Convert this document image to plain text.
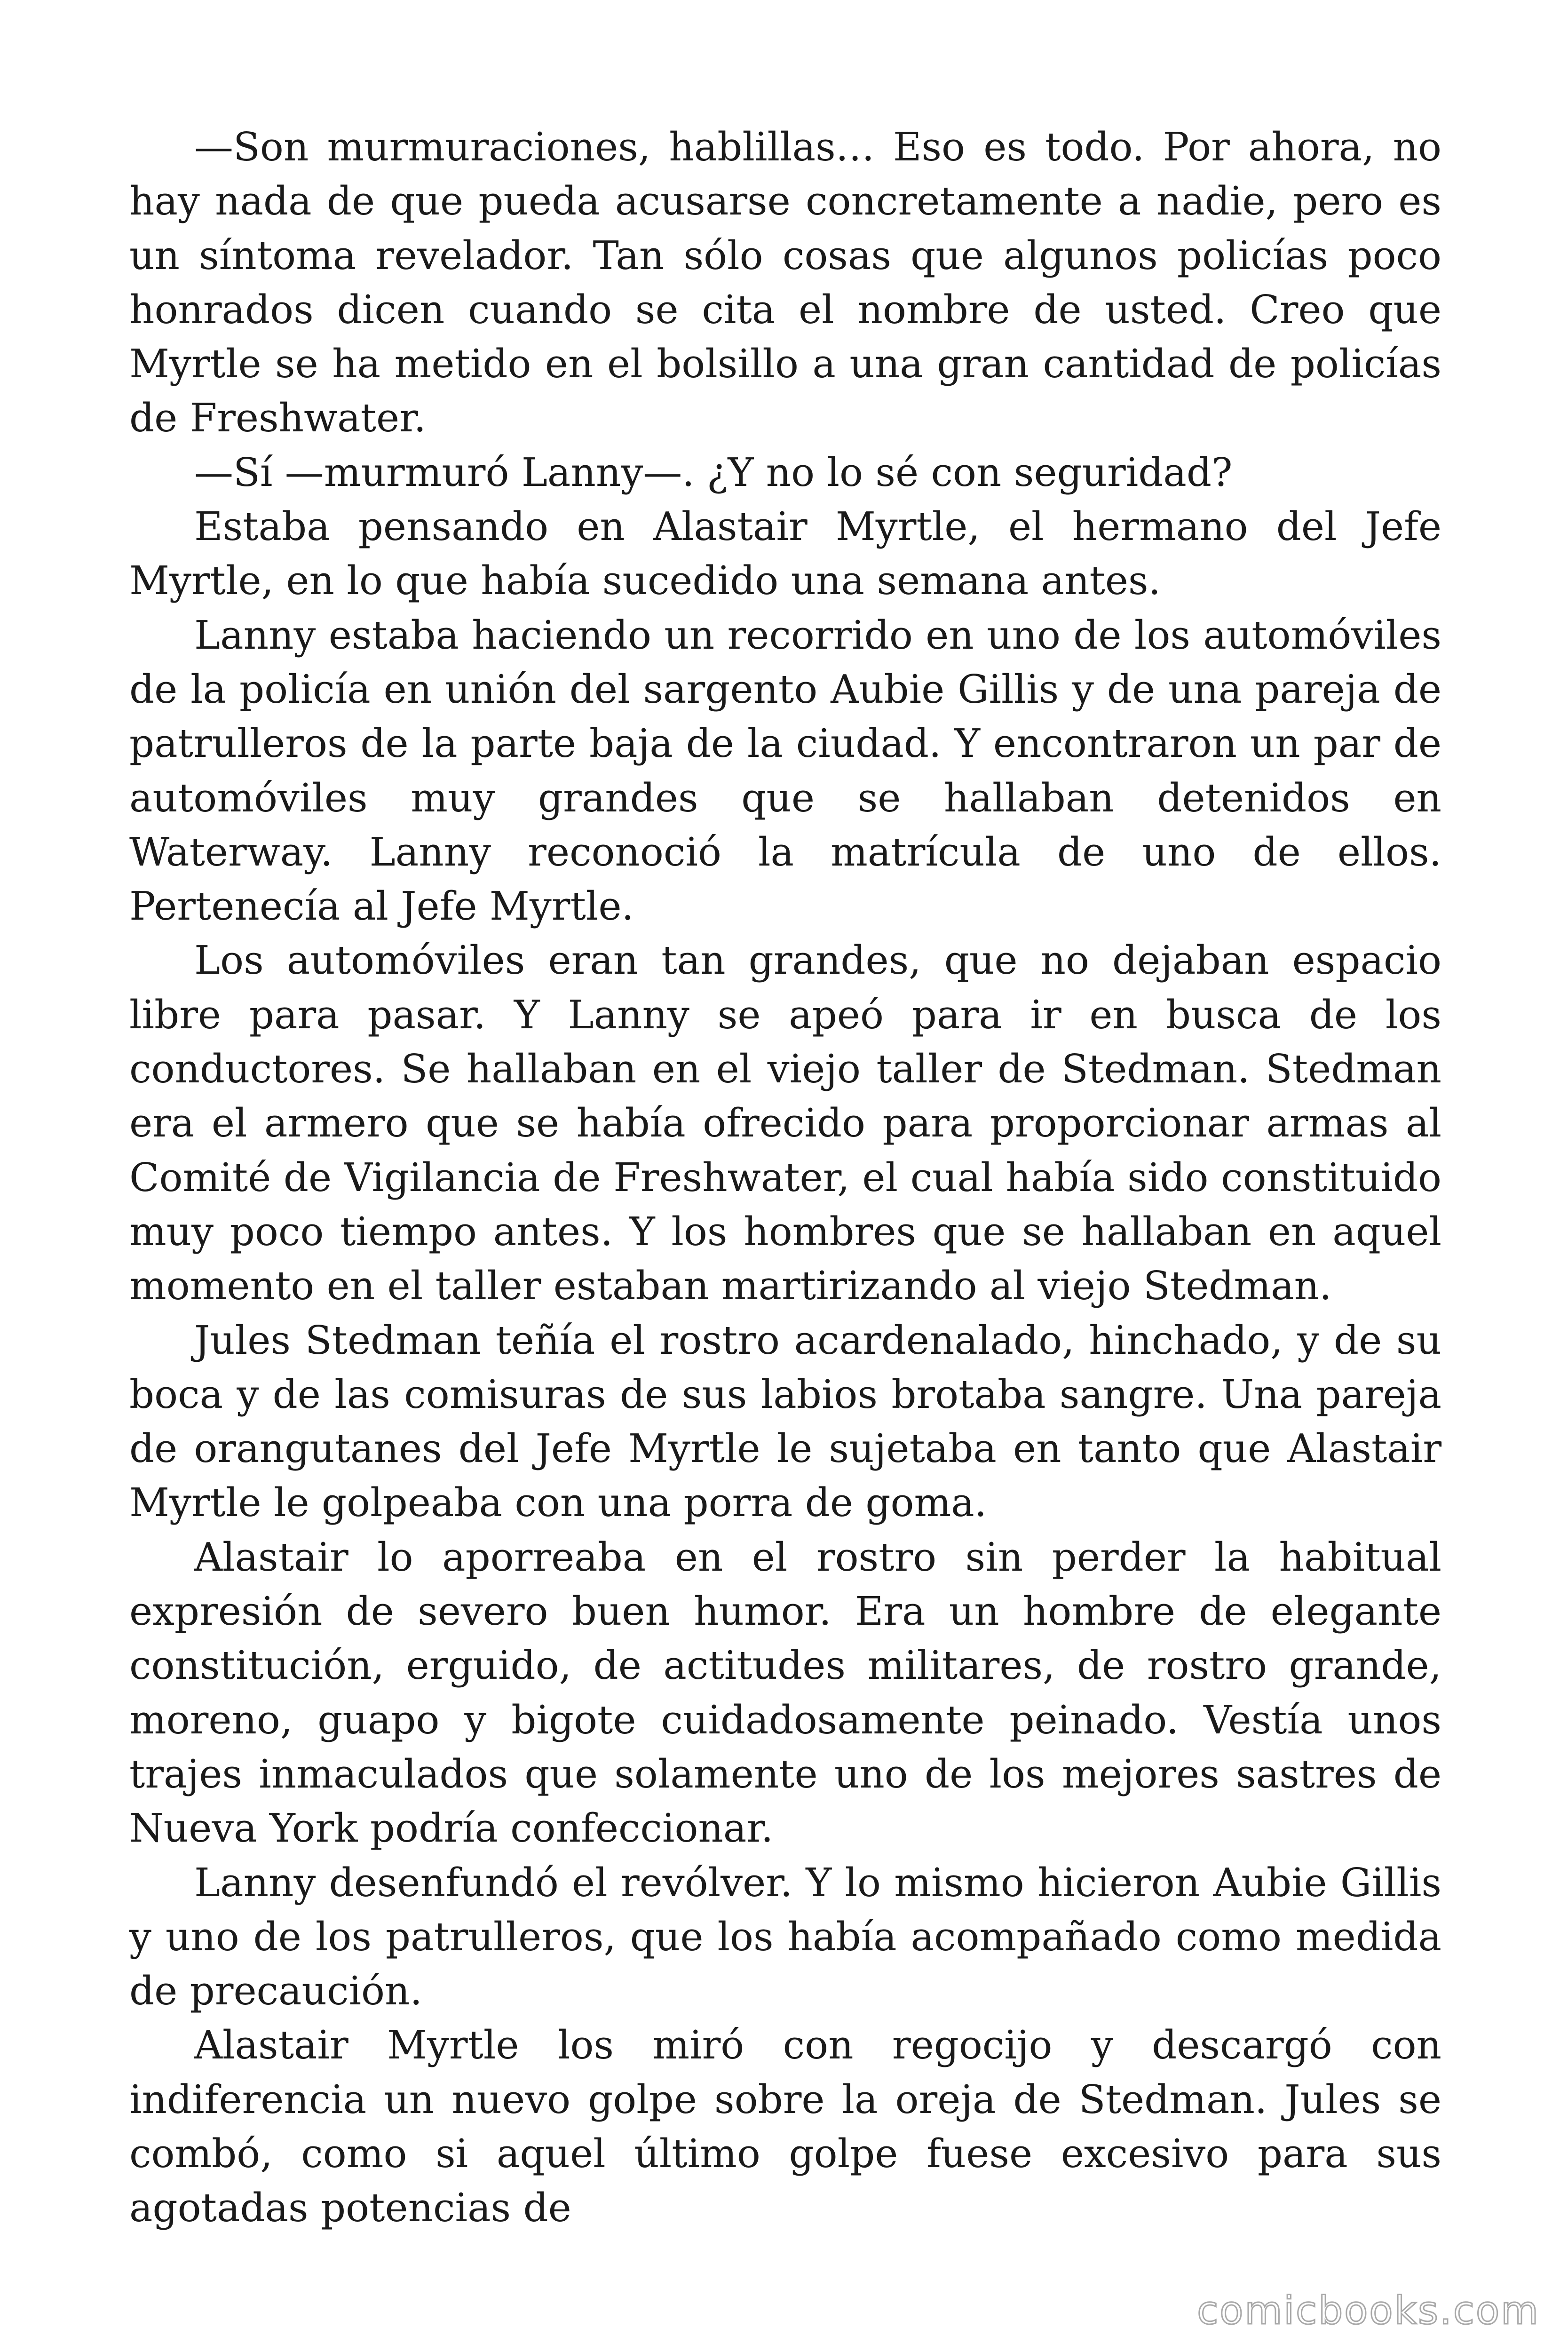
—Son murmuraciones, hablillas… Eso es todo. Por ahora, no hay nada de que pueda acusarse concretamente a nadie, pero es un síntoma revelador. Tan sólo cosas que algunos policías poco honrados dicen cuando se cita el nombre de usted. Creo que Myrtle se ha metido en el bolsillo a una gran cantidad de policías de Freshwater.

—Sí —murmuró Lanny—. ¿Y no lo sé con seguridad?

Estaba pensando en Alastair Myrtle, el hermano del Jefe Myrtle, en lo que había sucedido una semana antes.

Lanny estaba haciendo un recorrido en uno de los automóviles de la policía en unión del sargento Aubie Gillis y de una pareja de patrulleros de la parte baja de la ciudad. Y encontraron un par de automóviles muy grandes que se hallaban detenidos en Waterway. Lanny reconoció la matrícula de uno de ellos. Pertenecía al Jefe Myrtle.

Los automóviles eran tan grandes, que no dejaban espacio libre para pasar. Y Lanny se apeó para ir en busca de los conductores. Se hallaban en el viejo taller de Stedman. Stedman era el armero que se había ofrecido para proporcionar armas al Comité de Vigilancia de Freshwater, el cual había sido constituido muy poco tiempo antes. Y los hombres que se hallaban en aquel momento en el taller estaban martirizando al viejo Stedman.

Jules Stedman teñía el rostro acardenalado, hinchado, y de su boca y de las comisuras de sus labios brotaba sangre. Una pareja de orangutanes del Jefe Myrtle le sujetaba en tanto que Alastair Myrtle le golpeaba con una porra de goma.

Alastair lo aporreaba en el rostro sin perder la habitual expresión de severo buen humor. Era un hombre de elegante constitución, erguido, de actitudes militares, de rostro grande, moreno, guapo y bigote cuidadosamente peinado. Vestía unos trajes inmaculados que solamente uno de los mejores sastres de Nueva York podría confeccionar.

Lanny desenfundó el revólver. Y lo mismo hicieron Aubie Gillis y uno de los patrulleros, que los había acompañado como medida de precaución.

Alastair Myrtle los miró con regocijo y descargó con indiferencia un nuevo golpe sobre la oreja de Stedman. Jules se combó, como si aquel último golpe fuese excesivo para sus agotadas potencias de

comicbooks.com
